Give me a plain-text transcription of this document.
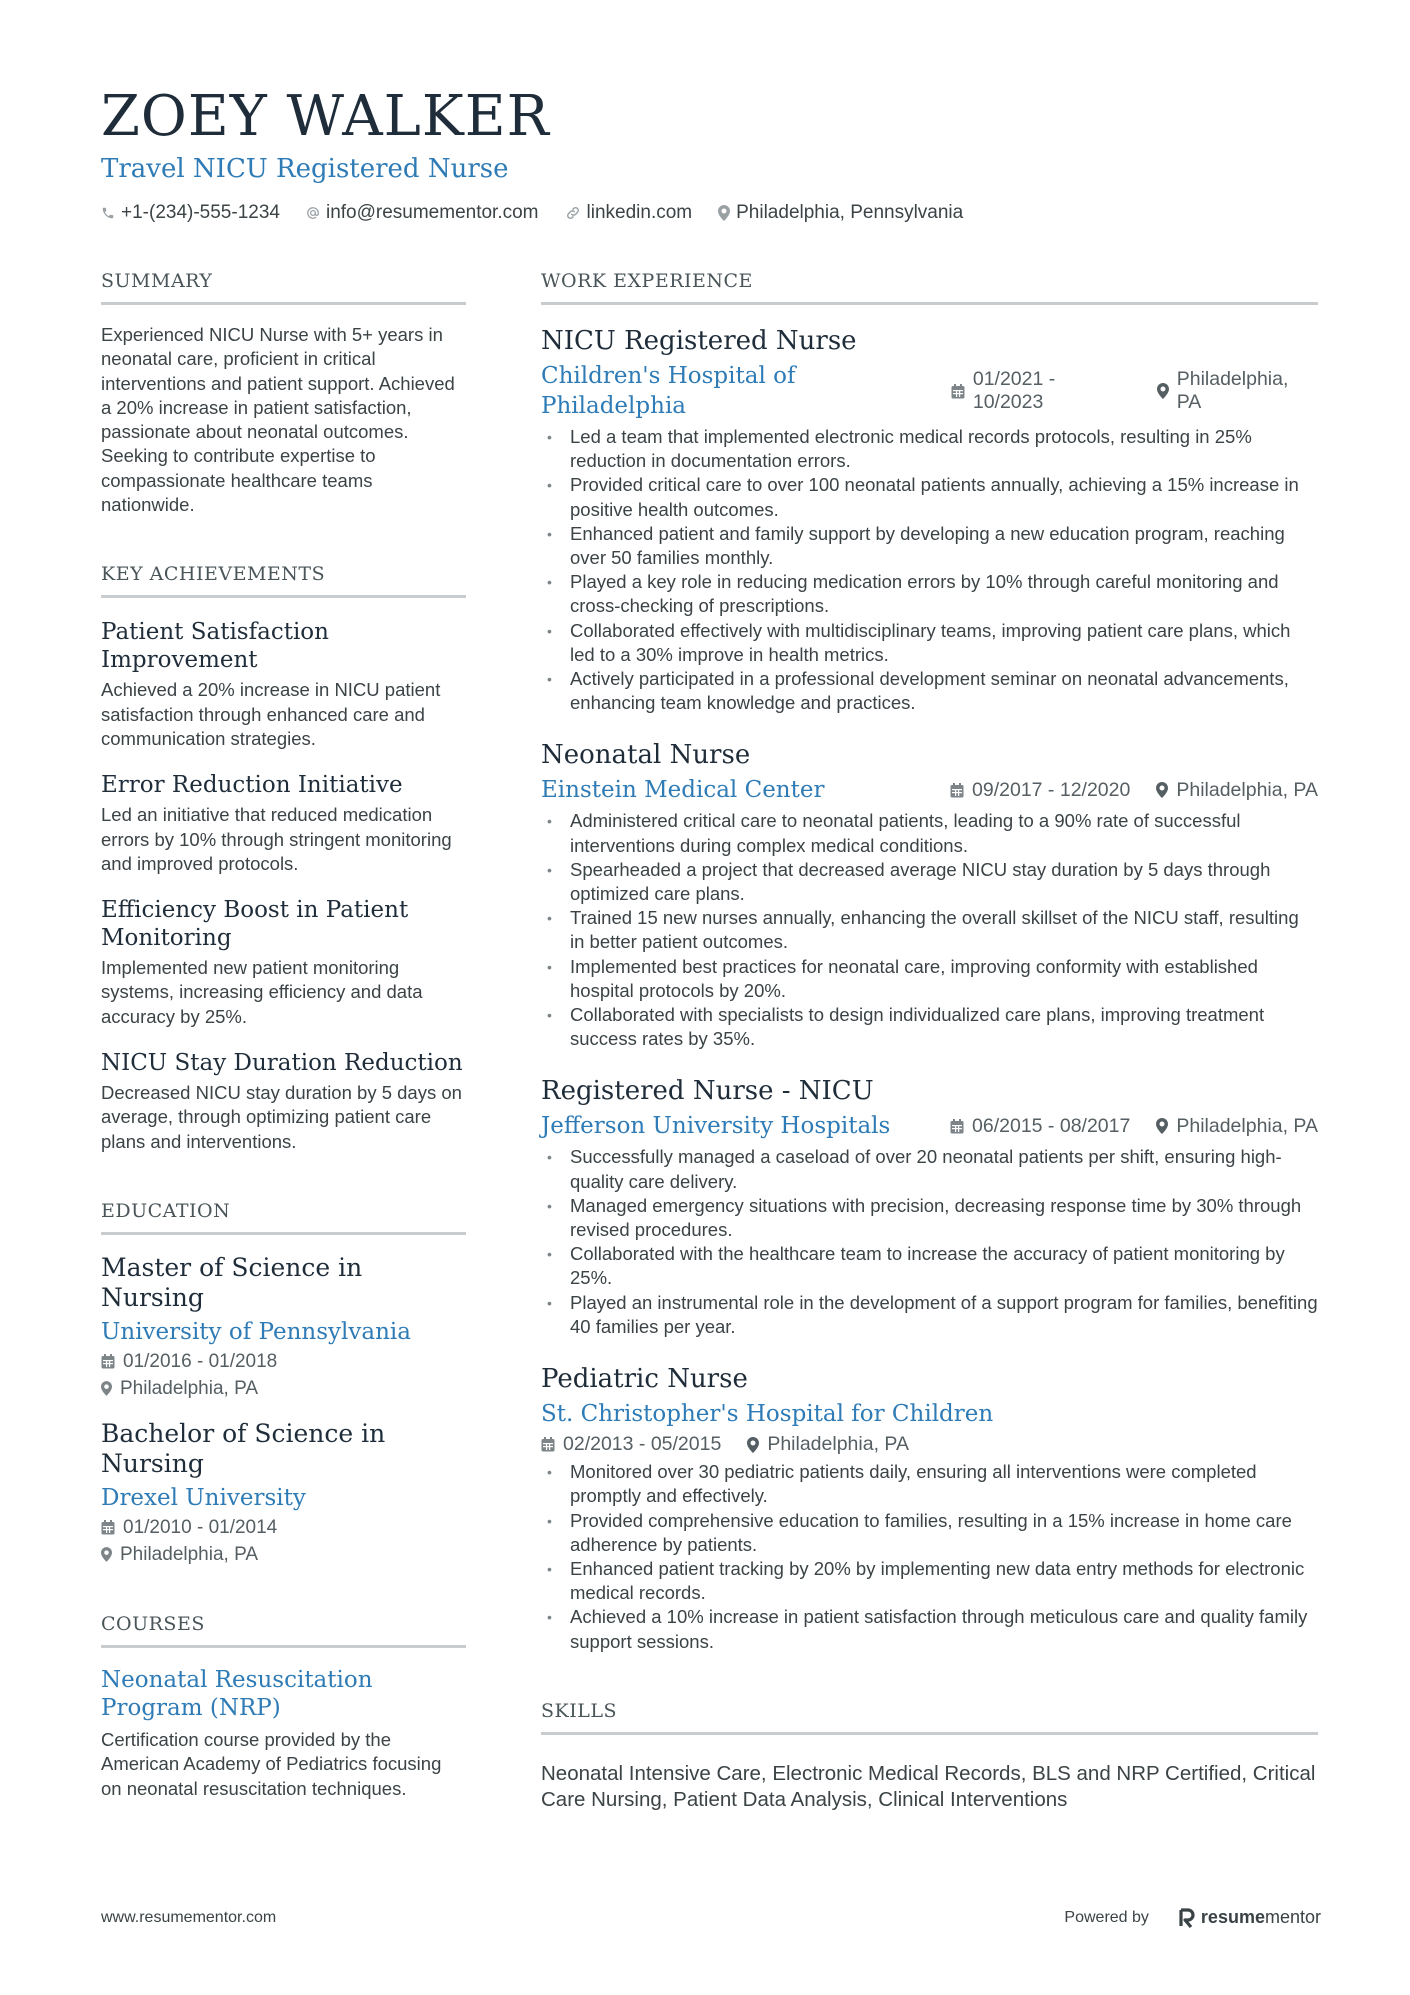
ZOEY WALKER
Travel NICU Registered Nurse
+1-(234)-555-1234 info@resumementor.com	linkedin.com Philadelphia, Pennsylvania
SUMMARY
Experienced NICU Nurse with 5+ years in neonatal care, proficient in critical interventions and patient support. Achieved a 20% increase in patient satisfaction, passionate about neonatal outcomes. Seeking to contribute expertise to compassionate healthcare teams nationwide.
KEY ACHIEVEMENTS
Patient Satisfaction Improvement
Achieved a 20% increase in NICU patient satisfaction through enhanced care and communication strategies.
Error Reduction Initiative
Led an initiative that reduced medication errors by 10% through stringent monitoring and improved protocols.
Efficiency Boost in Patient Monitoring
Implemented new patient monitoring systems, increasing efficiency and data accuracy by 25%.
NICU Stay Duration Reduction
Decreased NICU stay duration by 5 days on average, through optimizing patient care plans and interventions.
EDUCATION
Master of Science in Nursing
University of Pennsylvania
01/2016 - 01/2018
Philadelphia, PA
Bachelor of Science in Nursing
Drexel University
01/2010 - 01/2014
Philadelphia, PA
COURSES
Neonatal Resuscitation Program (NRP)
Certification course provided by the American Academy of Pediatrics focusing on neonatal resuscitation techniques.
WORK EXPERIENCE
NICU Registered Nurse
Children's Hospital of Philadelphia
01/2021 - 10/2023
Philadelphia, PA
• Led a team that implemented electronic medical records protocols, resulting in 25% reduction in documentation errors.
• Provided critical care to over 100 neonatal patients annually, achieving a 15% increase in positive health outcomes.
• Enhanced patient and family support by developing a new education program, reaching over 50 families monthly.
• Played a key role in reducing medication errors by 10% through careful monitoring and cross-checking of prescriptions.
• Collaborated effectively with multidisciplinary teams, improving patient care plans, which led to a 30% improve in health metrics.
• Actively participated in a professional development seminar on neonatal advancements, enhancing team knowledge and practices.
Neonatal Nurse
Einstein Medical Center	09/2017 - 12/2020 Philadelphia, PA
• Administered critical care to neonatal patients, leading to a 90% rate of successful interventions during complex medical conditions.
• Spearheaded a project that decreased average NICU stay duration by 5 days through optimized care plans.
• Trained 15 new nurses annually, enhancing the overall skillset of the NICU staff, resulting in better patient outcomes.
• Implemented best practices for neonatal care, improving conformity with established hospital protocols by 20%.
• Collaborated with specialists to design individualized care plans, improving treatment success rates by 35%.
Registered Nurse - NICU
Jefferson University Hospitals	06/2015 - 08/2017 Philadelphia, PA
• Successfully managed a caseload of over 20 neonatal patients per shift, ensuring high-quality care delivery.
• Managed emergency situations with precision, decreasing response time by 30% through revised procedures.
• Collaborated with the healthcare team to increase the accuracy of patient monitoring by 25%.
• Played an instrumental role in the development of a support program for families, benefiting 40 families per year.
Pediatric Nurse
St. Christopher's Hospital for Children
02/2013 - 05/2015 Philadelphia, PA
• Monitored over 30 pediatric patients daily, ensuring all interventions were completed promptly and effectively.
• Provided comprehensive education to families, resulting in a 15% increase in home care adherence by patients.
• Enhanced patient tracking by 20% by implementing new data entry methods for electronic medical records.
• Achieved a 10% increase in patient satisfaction through meticulous care and quality family support sessions.
SKILLS
Neonatal Intensive Care, Electronic Medical Records, BLS and NRP Certified, Critical Care Nursing, Patient Data Analysis, Clinical Interventions
www.resumementor.com	Powered by	resume mentor
